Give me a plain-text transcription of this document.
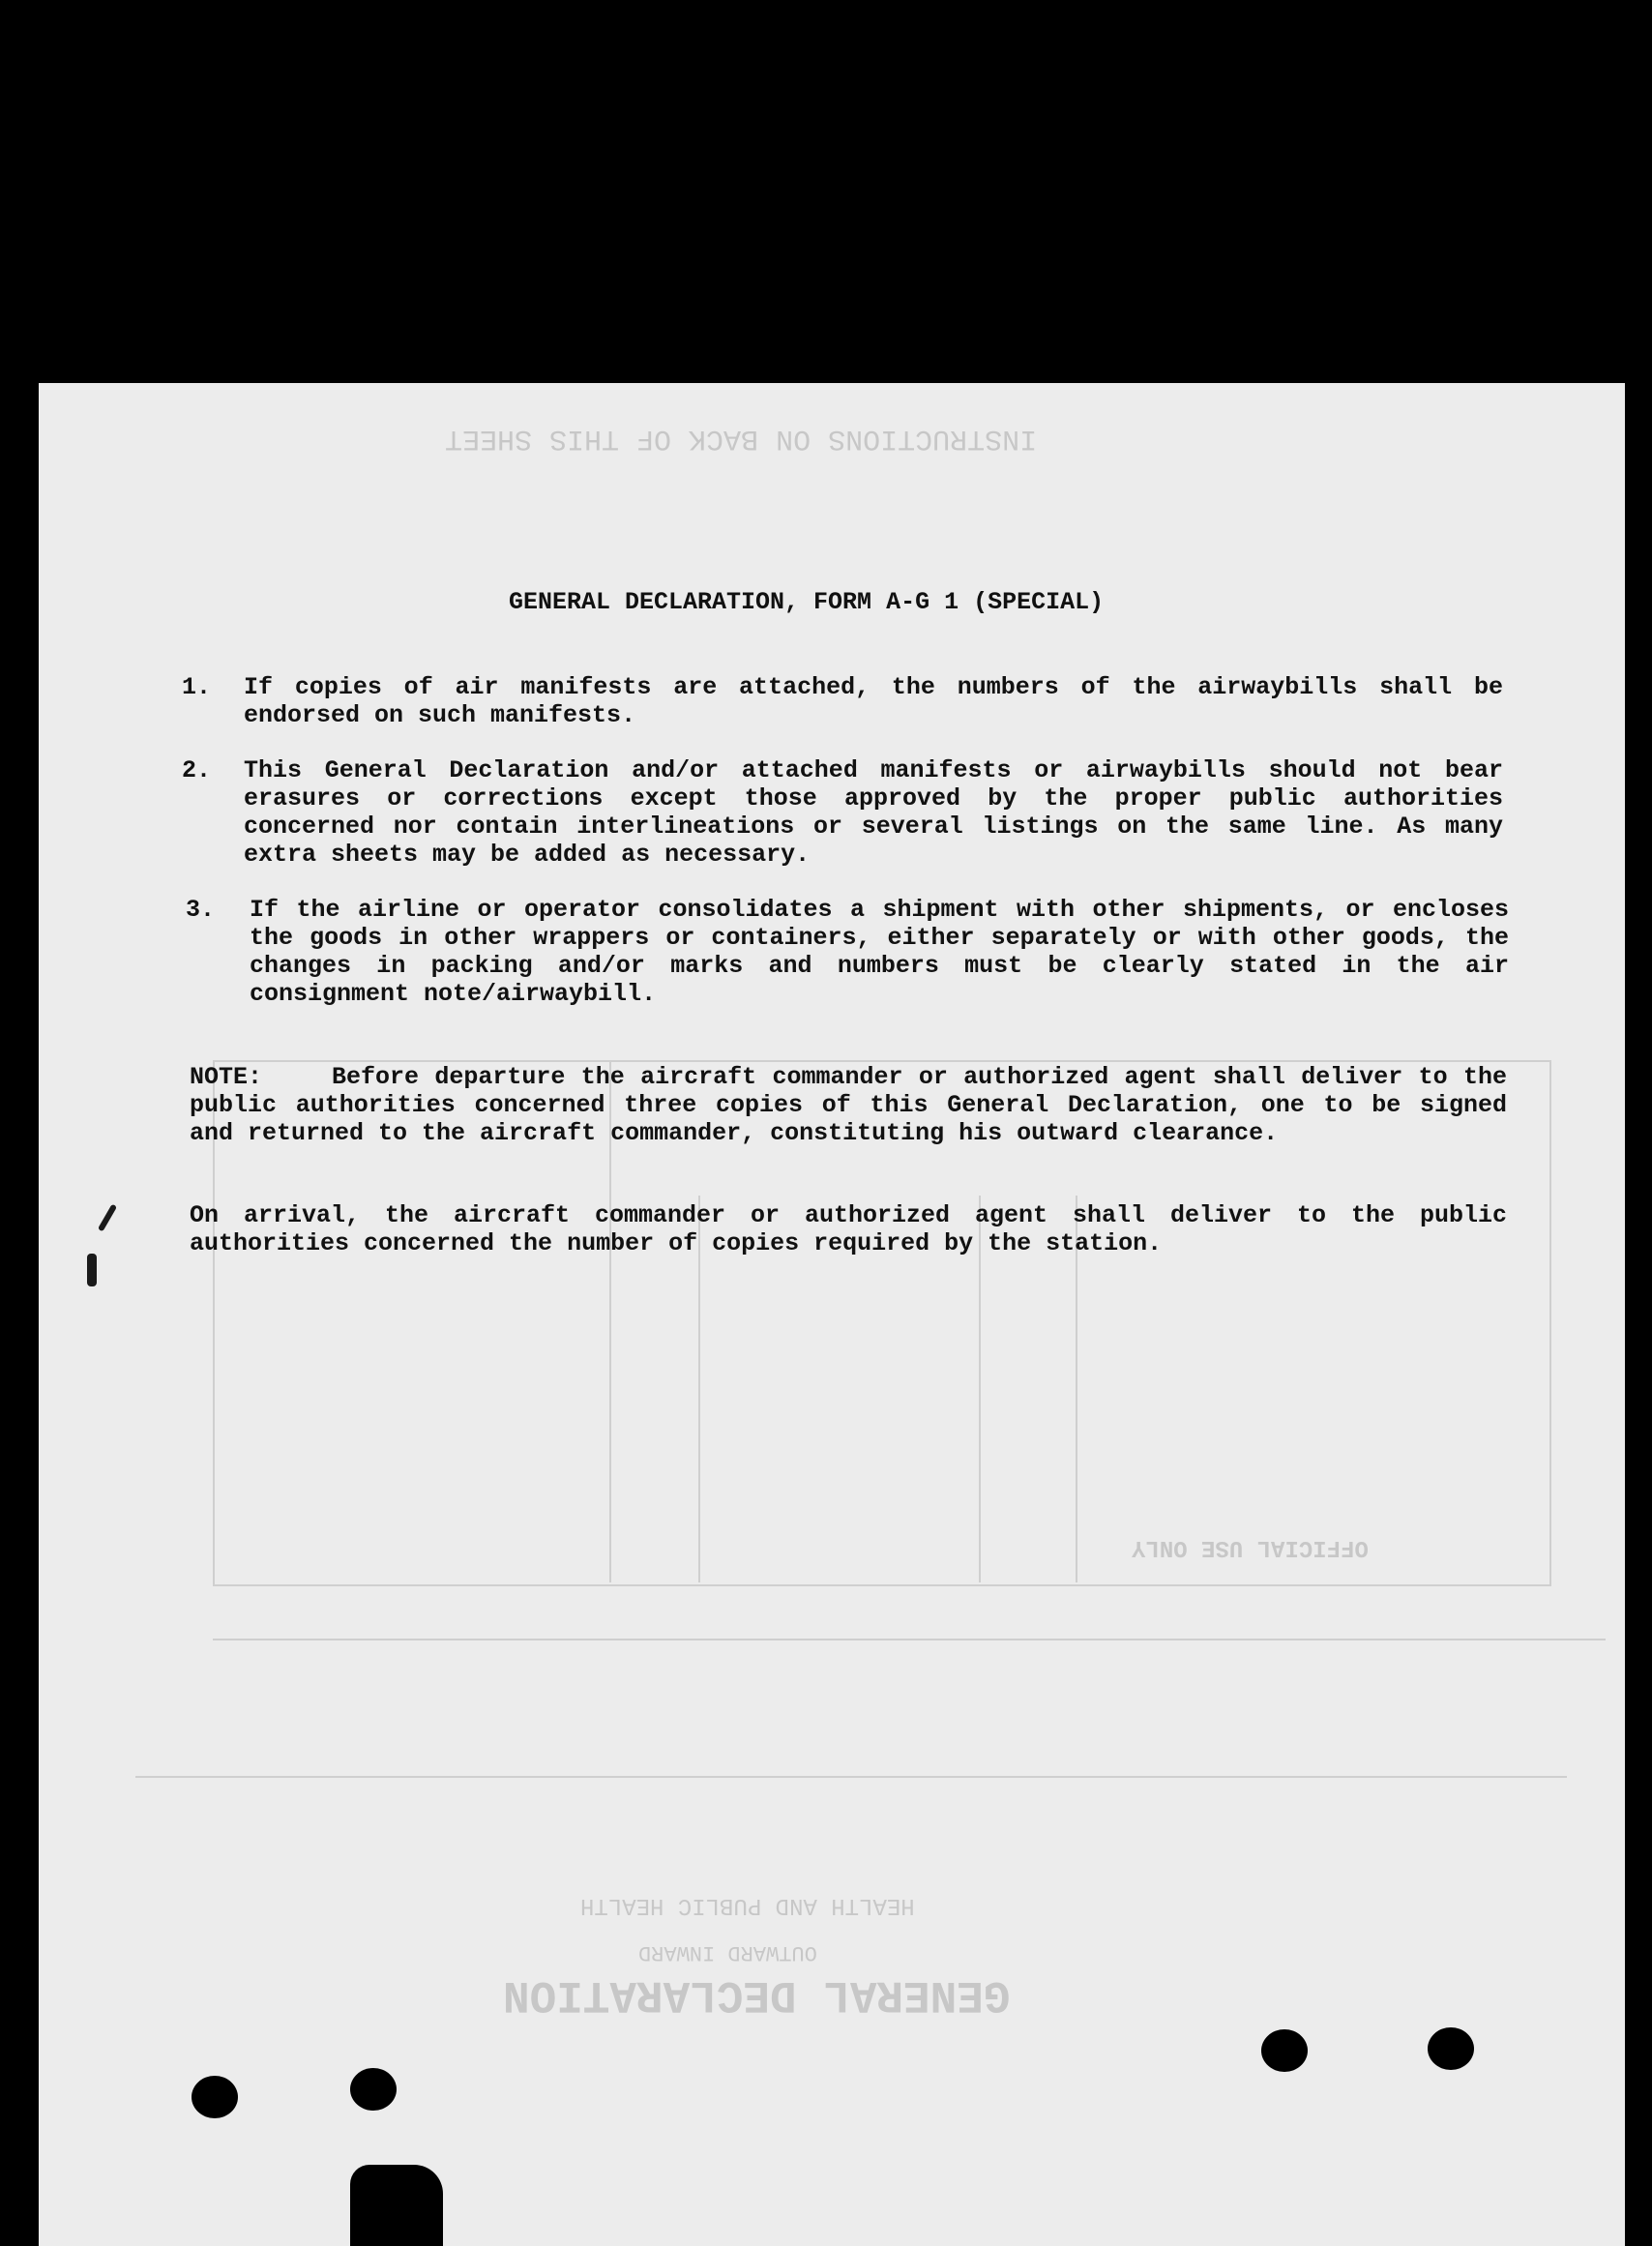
INSTRUCTIONS ON BACK OF THIS SHEET
GENERAL DECLARATION
OFFICIAL USE ONLY
HEALTH AND PUBLIC HEALTH
OUTWARD INWARD
GENERAL DECLARATION, FORM A-G 1 (SPECIAL)
1. If copies of air manifests are attached, the numbers of the airwaybills shall be endorsed on such manifests.
2. This General Declaration and/or attached manifests or airwaybills should not bear erasures or corrections except those approved by the proper public authorities concerned nor contain interlineations or several listings on the same line. As many extra sheets may be added as necessary.
3. If the airline or operator consolidates a shipment with other shipments, or encloses the goods in other wrappers or containers, either separately or with other goods, the changes in packing and/or marks and numbers must be clearly stated in the air consignment note/airwaybill.
NOTE:	Before departure the aircraft commander or authorized agent shall deliver to the public authorities concerned three copies of this General Declaration, one to be signed and returned to the aircraft commander, constituting his outward clearance.
On arrival, the aircraft commander or authorized agent shall deliver to the public authorities concerned the number of copies required by the station.
